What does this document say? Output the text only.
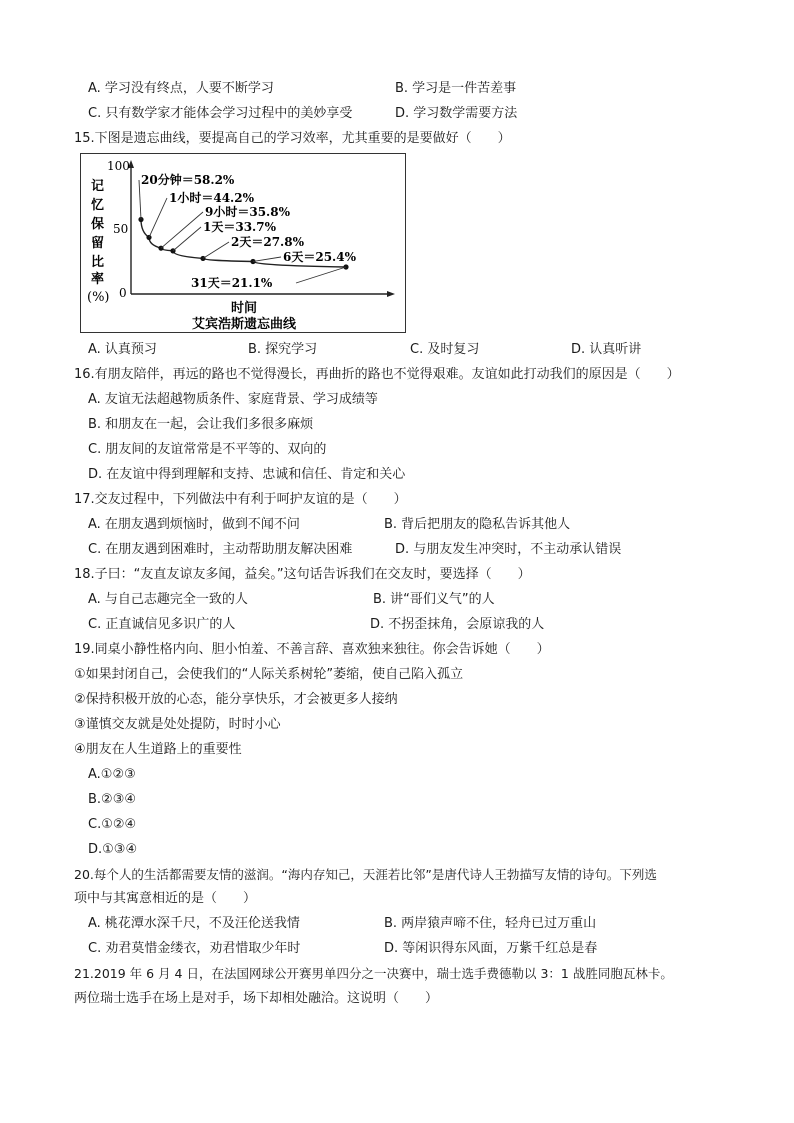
A. 学习没有终点，人要不断学习	B. 学习是一件苦差事
C. 只有数学家才能体会学习过程中的美妙享受	D. 学习数学需要方法
15.下图是遗忘曲线，要提高自己的学习效率，尤其重要的是要做好（　　）
100
50
0
记
忆
保
留
比
率
(%)
时间
艾宾浩斯遗忘曲线
20分钟＝58.2%
1小时＝44.2%
9小时＝35.8%
1天＝33.7%
2天＝27.8%
6天＝25.4%
31天＝21.1%
A. 认真预习	B. 探究学习	C. 及时复习	D. 认真听讲
16.有朋友陪伴，再远的路也不觉得漫长，再曲折的路也不觉得艰难。友谊如此打动我们的原因是（　　）
A. 友谊无法超越物质条件、家庭背景、学习成绩等
B. 和朋友在一起，会让我们多很多麻烦
C. 朋友间的友谊常常是不平等的、双向的
D. 在友谊中得到理解和支持、忠诚和信任、肯定和关心
17.交友过程中，下列做法中有利于呵护友谊的是（　　）
A. 在朋友遇到烦恼时，做到不闻不问	B. 背后把朋友的隐私告诉其他人
C. 在朋友遇到困难时，主动帮助朋友解决困难	D. 与朋友发生冲突时，不主动承认错误
18.子曰：“友直友谅友多闻，益矣。”这句话告诉我们在交友时，要选择（　　）
A. 与自己志趣完全一致的人	B. 讲“哥们义气”的人
C. 正直诚信见多识广的人	D. 不拐歪抹角，会原谅我的人
19.同桌小静性格内向、胆小怕羞、不善言辞、喜欢独来独往。你会告诉她（　　）
①如果封闭自己，会使我们的“人际关系树轮”萎缩，使自己陷入孤立
②保持积极开放的心态，能分享快乐，才会被更多人接纳
③谨慎交友就是处处提防，时时小心
④朋友在人生道路上的重要性
A.①②③
B.②③④
C.①②④
D.①③④
20.每个人的生活都需要友情的滋润。“海内存知己，天涯若比邻”是唐代诗人王勃描写友情的诗句。下列选
项中与其寓意相近的是（　　）
A. 桃花潭水深千尺，不及汪伦送我情	B. 两岸猿声啼不住，轻舟已过万重山
C. 劝君莫惜金缕衣，劝君惜取少年时	D. 等闲识得东风面，万紫千红总是春
21.2019 年 6 月 4 日，在法国网球公开赛男单四分之一决赛中，瑞士选手费德勒以 3：1 战胜同胞瓦林卡。
两位瑞士选手在场上是对手，场下却相处融洽。这说明（　　）
